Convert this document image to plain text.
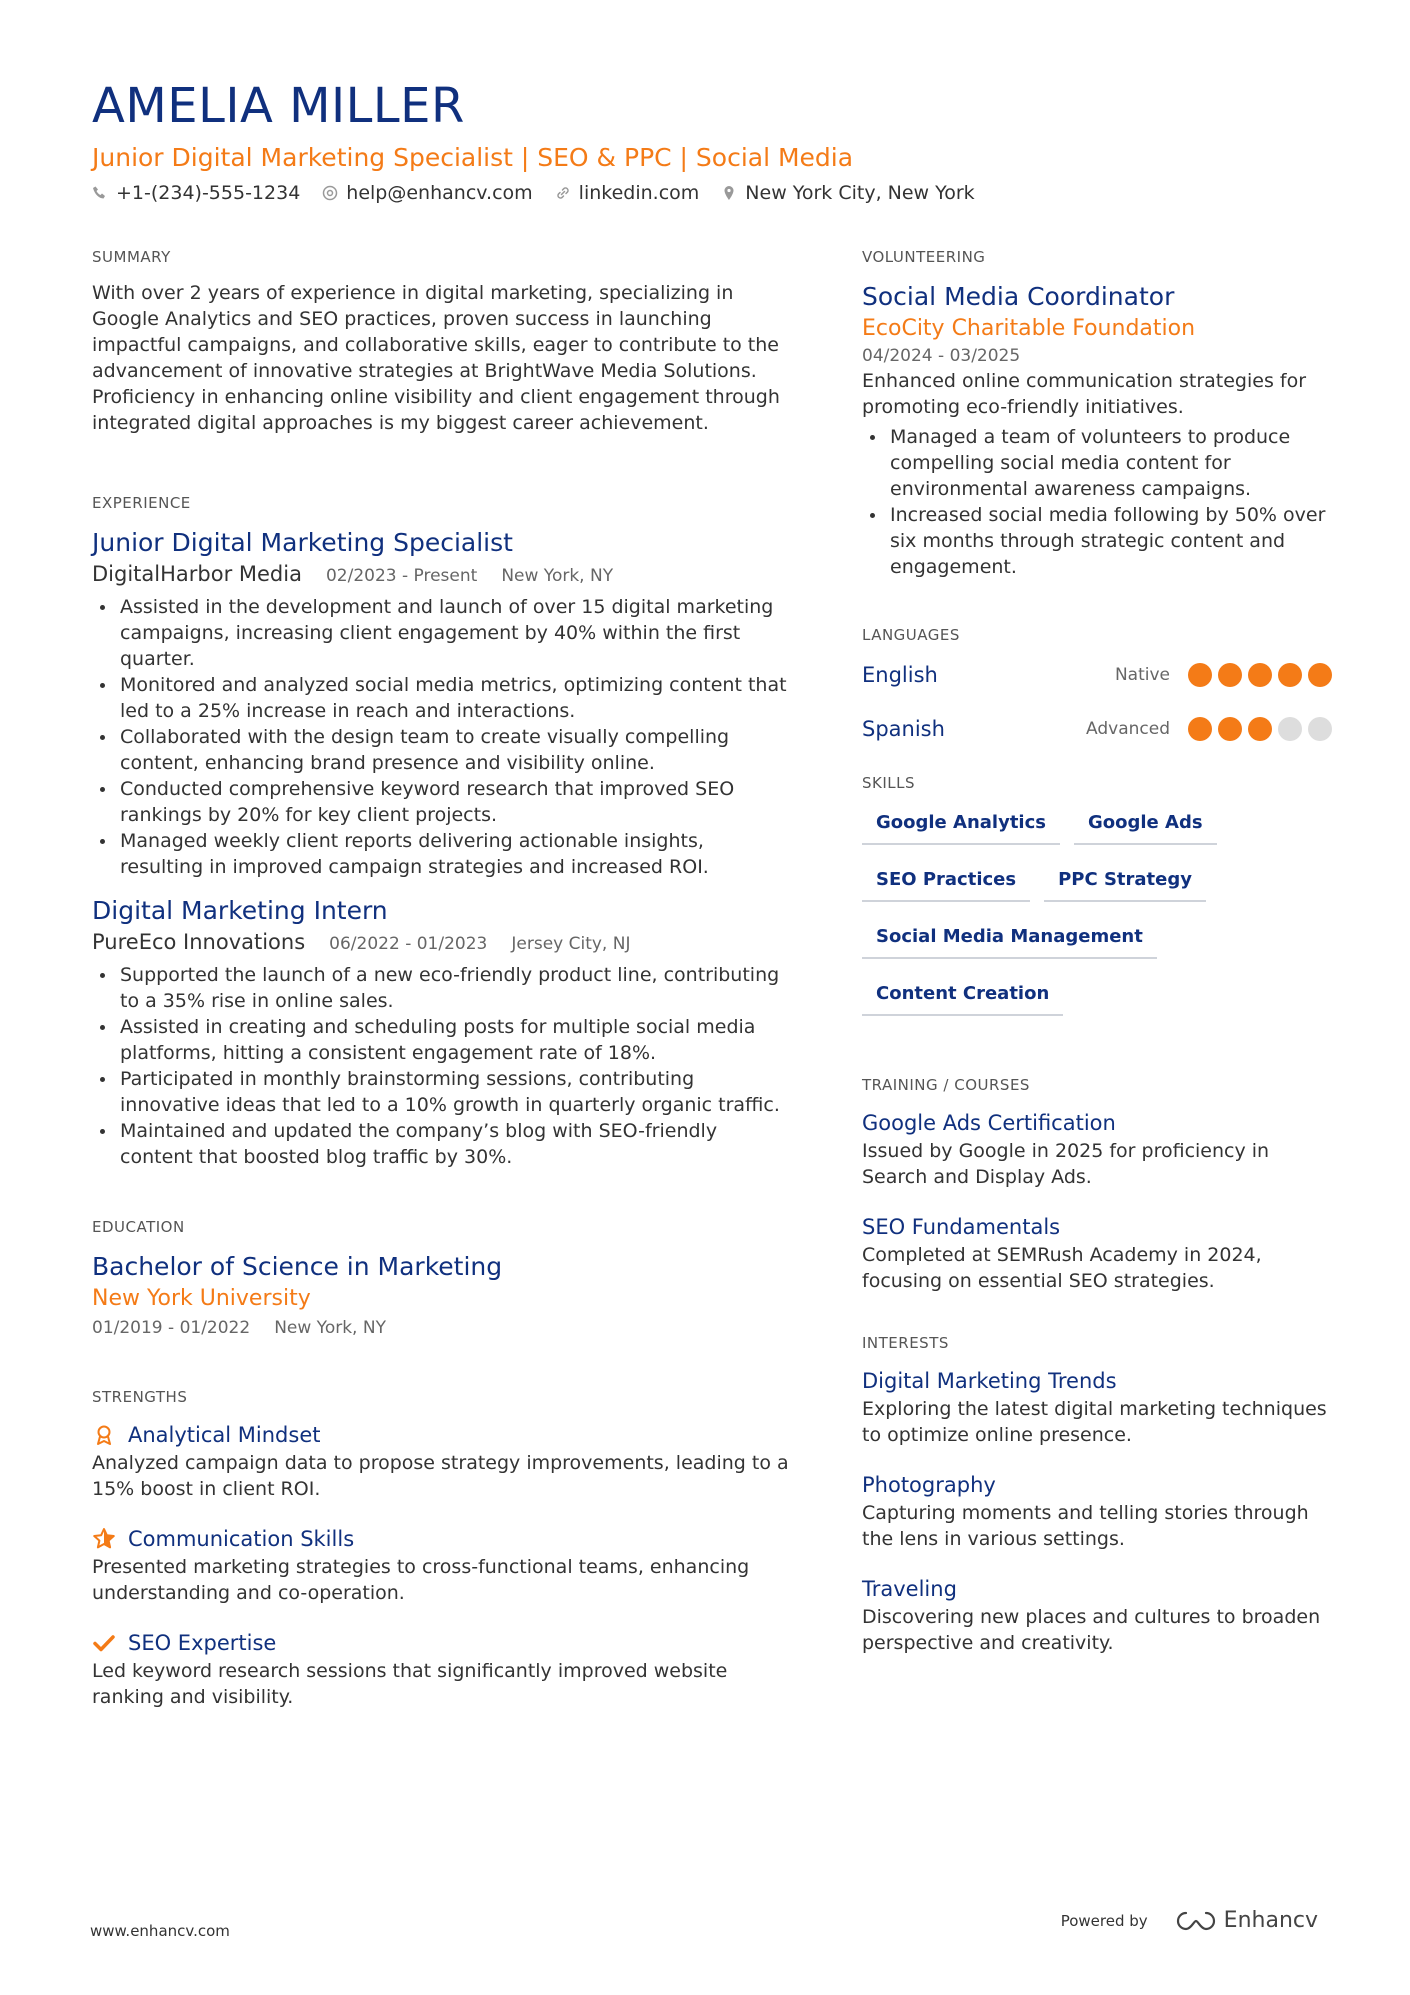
AMELIA MILLER
Junior Digital Marketing Specialist | SEO & PPC | Social Media
+1-(234)-555-1234 help@enhancv.com linkedin.com New York City, New York
SUMMARY
With over 2 years of experience in digital marketing, specializing in Google Analytics and SEO practices, proven success in launching impactful campaigns, and collaborative skills, eager to contribute to the advancement of innovative strategies at BrightWave Media Solutions. Proficiency in enhancing online visibility and client engagement through integrated digital approaches is my biggest career achievement.
EXPERIENCE
Junior Digital Marketing Specialist
DigitalHarbor Media 02/2023 - Present New York, NY
Assisted in the development and launch of over 15 digital marketing campaigns, increasing client engagement by 40% within the first quarter.
Monitored and analyzed social media metrics, optimizing content that led to a 25% increase in reach and interactions.
Collaborated with the design team to create visually compelling content, enhancing brand presence and visibility online.
Conducted comprehensive keyword research that improved SEO rankings by 20% for key client projects.
Managed weekly client reports delivering actionable insights, resulting in improved campaign strategies and increased ROI.
Digital Marketing Intern
PureEco Innovations 06/2022 - 01/2023 Jersey City, NJ
Supported the launch of a new eco-friendly product line, contributing to a 35% rise in online sales.
Assisted in creating and scheduling posts for multiple social media platforms, hitting a consistent engagement rate of 18%.
Participated in monthly brainstorming sessions, contributing innovative ideas that led to a 10% growth in quarterly organic traffic.
Maintained and updated the company’s blog with SEO-friendly content that boosted blog traffic by 30%.
EDUCATION
Bachelor of Science in Marketing
New York University
01/2019 - 01/2022 New York, NY
STRENGTHS
Analytical Mindset
Analyzed campaign data to propose strategy improvements, leading to a 15% boost in client ROI.
Communication Skills
Presented marketing strategies to cross-functional teams, enhancing understanding and co-operation.
SEO Expertise
Led keyword research sessions that significantly improved website ranking and visibility.
VOLUNTEERING
Social Media Coordinator
EcoCity Charitable Foundation
04/2024 - 03/2025
Enhanced online communication strategies for promoting eco-friendly initiatives.
Managed a team of volunteers to produce compelling social media content for environmental awareness campaigns.
Increased social media following by 50% over six months through strategic content and engagement.
LANGUAGES
English	Native
Spanish	Advanced
SKILLS
Google Analytics	Google Ads
SEO Practices	PPC Strategy
Social Media Management
Content Creation
TRAINING / COURSES
Google Ads Certification
Issued by Google in 2025 for proficiency in Search and Display Ads.
SEO Fundamentals
Completed at SEMRush Academy in 2024, focusing on essential SEO strategies.
INTERESTS
Digital Marketing Trends
Exploring the latest digital marketing techniques to optimize online presence.
Photography
Capturing moments and telling stories through the lens in various settings.
Traveling
Discovering new places and cultures to broaden perspective and creativity.
www.enhancv.com
Powered by	Enhancv
